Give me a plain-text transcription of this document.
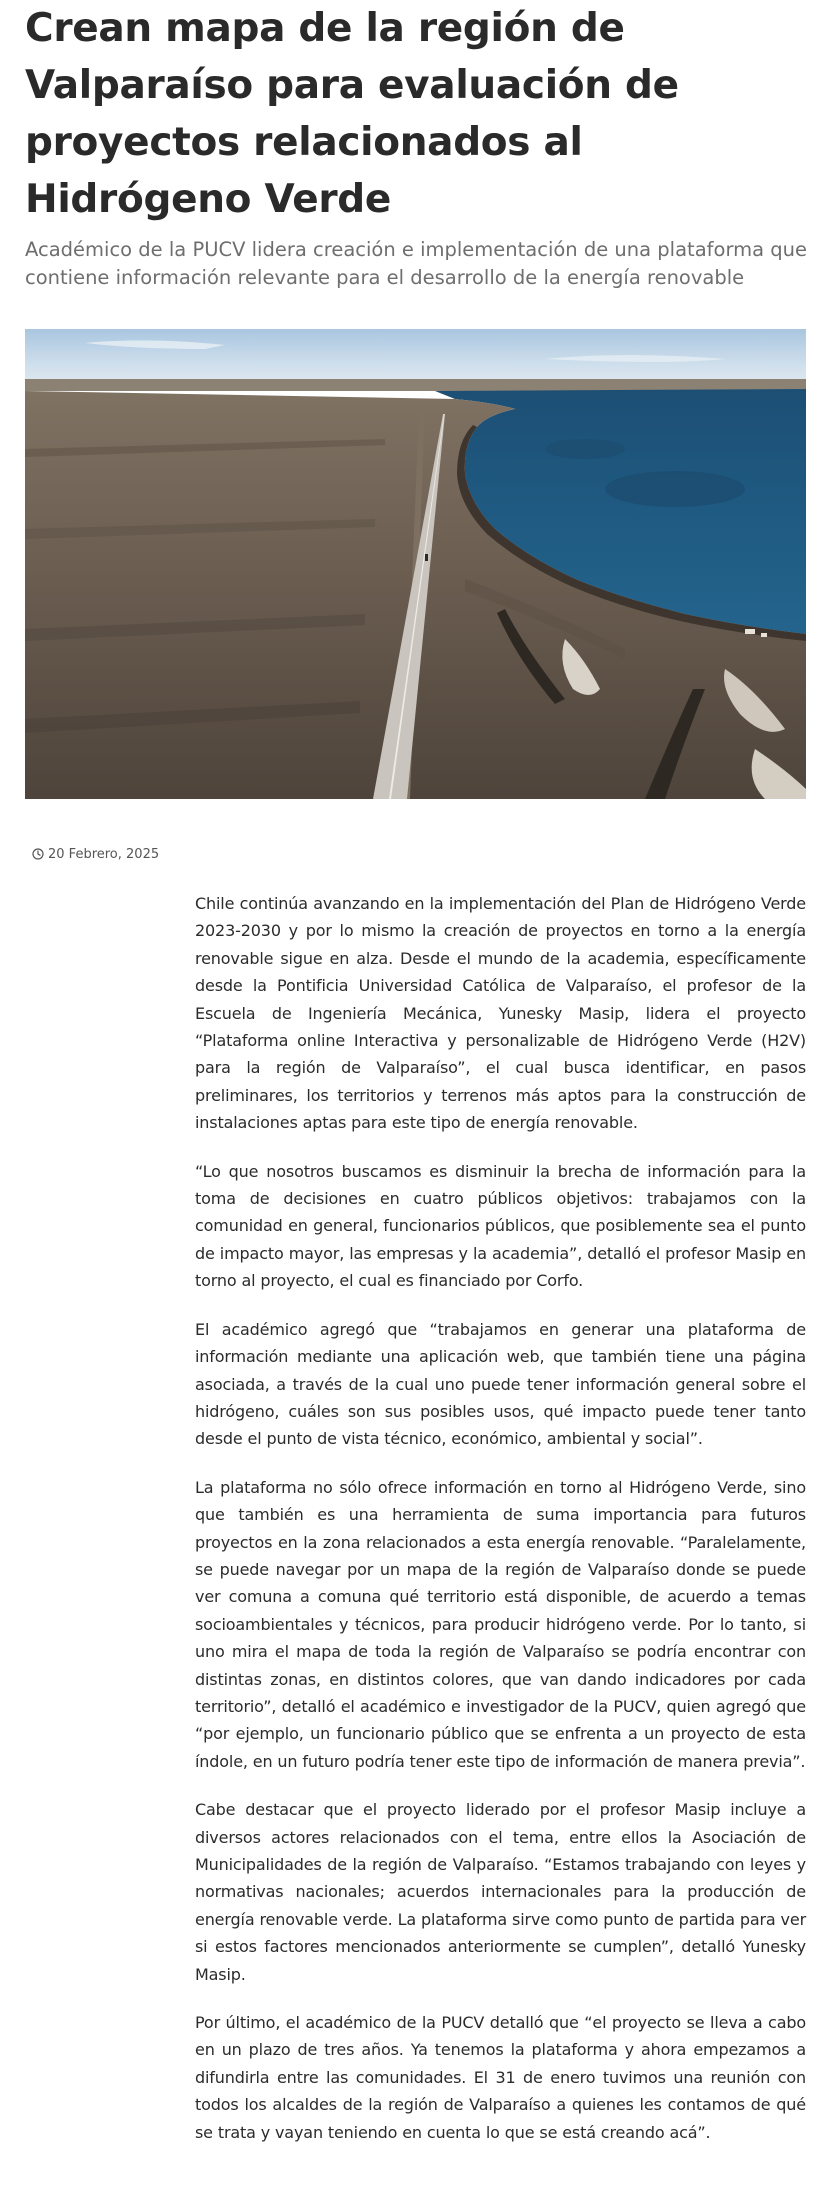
Crean mapa de la región de Valparaíso para evaluación de proyectos relacionados al Hidrógeno Verde

Académico de la PUCV lidera creación e implementación de una plataforma que contiene información relevante para el desarrollo de la energía renovable

20 Febrero, 2025

Chile continúa avanzando en la implementación del Plan de Hidrógeno Verde 2023-2030 y por lo mismo la creación de proyectos en torno a la energía renovable sigue en alza. Desde el mundo de la academia, específicamente desde la Pontificia Universidad Católica de Valparaíso, el profesor de la Escuela de Ingeniería Mecánica, Yunesky Masip, lidera el proyecto “Plataforma online Interactiva y personalizable de Hidrógeno Verde (H2V) para la región de Valparaíso”, el cual busca identificar, en pasos preliminares, los territorios y terrenos más aptos para la construcción de instalaciones aptas para este tipo de energía renovable.

“Lo que nosotros buscamos es disminuir la brecha de información para la toma de decisiones en cuatro públicos objetivos: trabajamos con la comunidad en general, funcionarios públicos, que posiblemente sea el punto de impacto mayor, las empresas y la academia”, detalló el profesor Masip en torno al proyecto, el cual es financiado por Corfo.

El académico agregó que “trabajamos en generar una plataforma de información mediante una aplicación web, que también tiene una página asociada, a través de la cual uno puede tener información general sobre el hidrógeno, cuáles son sus posibles usos, qué impacto puede tener tanto desde el punto de vista técnico, económico, ambiental y social”.

La plataforma no sólo ofrece información en torno al Hidrógeno Verde, sino que también es una herramienta de suma importancia para futuros proyectos en la zona relacionados a esta energía renovable. “Paralelamente, se puede navegar por un mapa de la región de Valparaíso donde se puede ver comuna a comuna qué territorio está disponible, de acuerdo a temas socioambientales y técnicos, para producir hidrógeno verde. Por lo tanto, si uno mira el mapa de toda la región de Valparaíso se podría encontrar con distintas zonas, en distintos colores, que van dando indicadores por cada territorio”, detalló el académico e investigador de la PUCV, quien agregó que “por ejemplo, un funcionario público que se enfrenta a un proyecto de esta índole, en un futuro podría tener este tipo de información de manera previa”.

Cabe destacar que el proyecto liderado por el profesor Masip incluye a diversos actores relacionados con el tema, entre ellos la Asociación de Municipalidades de la región de Valparaíso. “Estamos trabajando con leyes y normativas nacionales; acuerdos internacionales para la producción de energía renovable verde. La plataforma sirve como punto de partida para ver si estos factores mencionados anteriormente se cumplen”, detalló Yunesky Masip.

Por último, el académico de la PUCV detalló que “el proyecto se lleva a cabo en un plazo de tres años. Ya tenemos la plataforma y ahora empezamos a difundirla entre las comunidades. El 31 de enero tuvimos una reunión con todos los alcaldes de la región de Valparaíso a quienes les contamos de qué se trata y vayan teniendo en cuenta lo que se está creando acá”.
